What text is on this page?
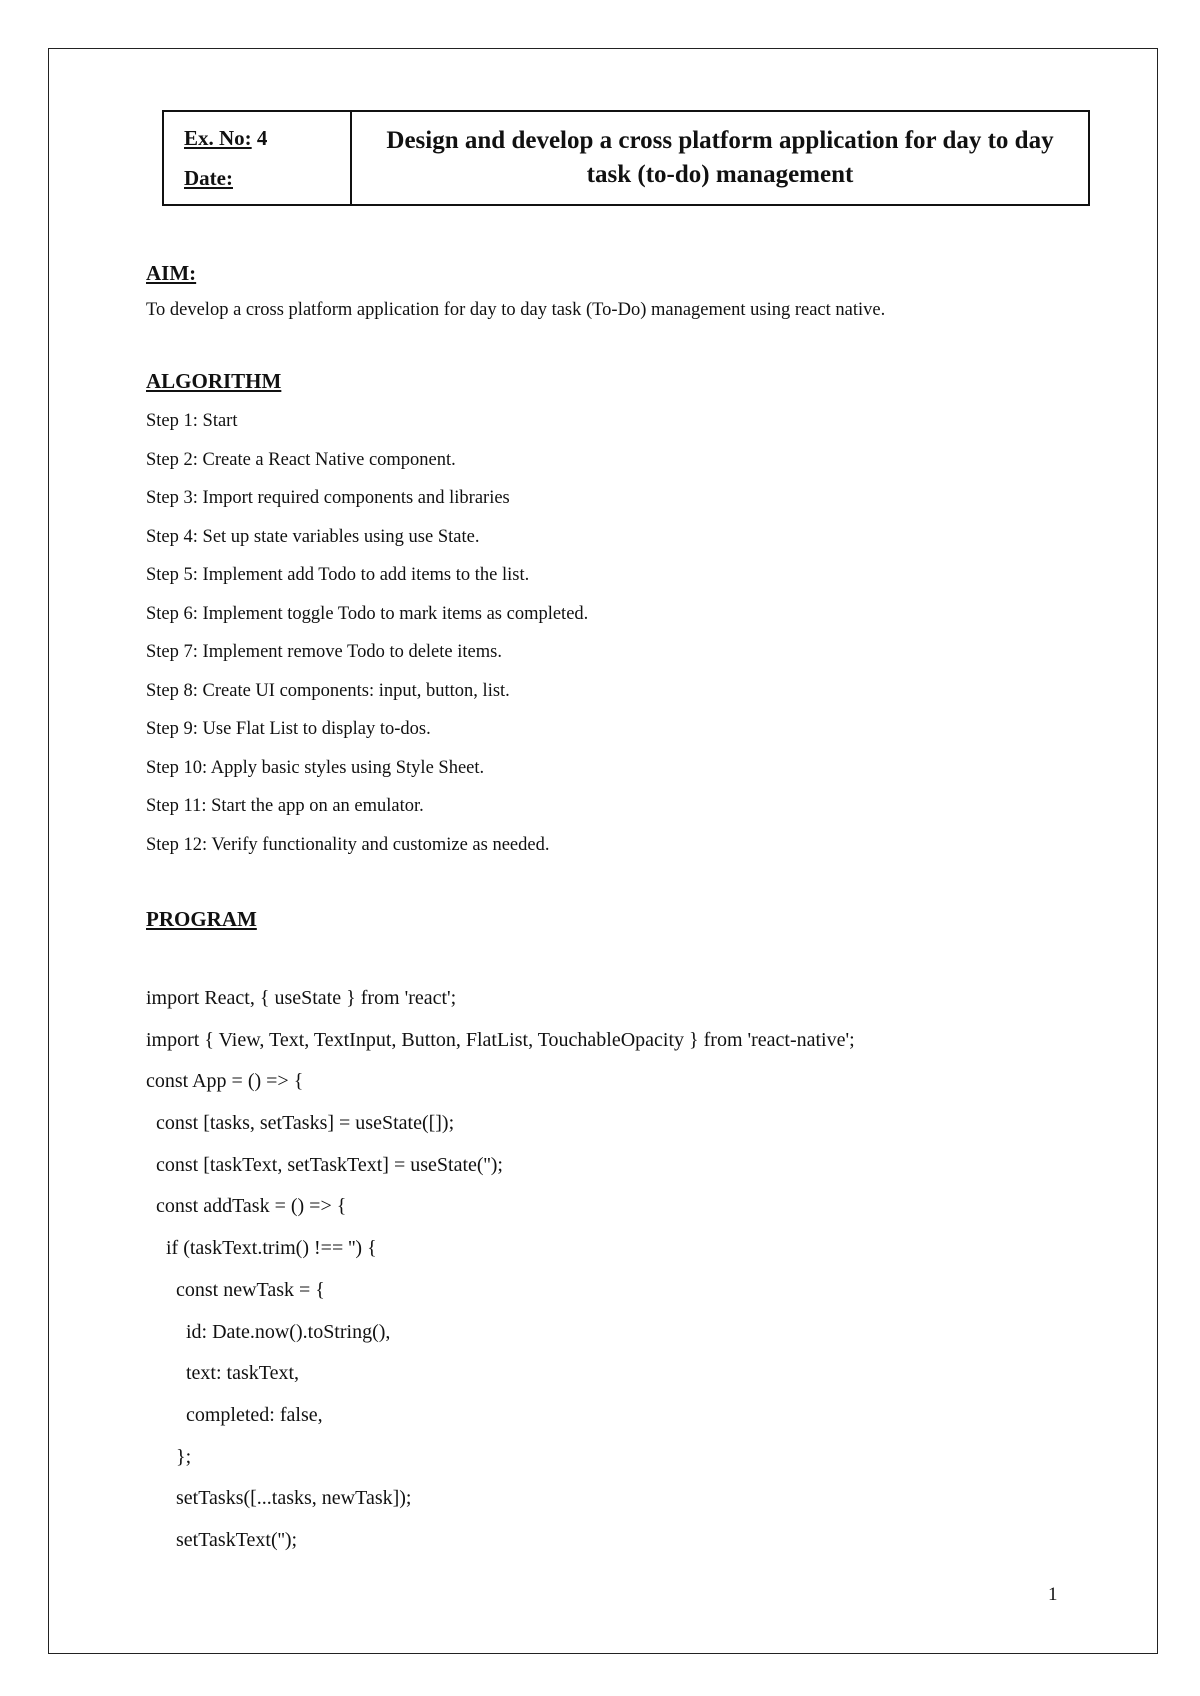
Ex. No: 4
Date:
Design and develop a cross platform application for day to day task (to-do) management
AIM:
To develop a cross platform application for day to day task (To-Do) management using react native.
ALGORITHM
Step 1: Start
Step 2: Create a React Native component.
Step 3: Import required components and libraries
Step 4: Set up state variables using use State.
Step 5: Implement add Todo to add items to the list.
Step 6: Implement toggle Todo to mark items as completed.
Step 7: Implement remove Todo to delete items.
Step 8: Create UI components: input, button, list.
Step 9: Use Flat List to display to-dos.
Step 10: Apply basic styles using Style Sheet.
Step 11: Start the app on an emulator.
Step 12: Verify functionality and customize as needed.
PROGRAM
import React, { useState } from 'react';
import { View, Text, TextInput, Button, FlatList, TouchableOpacity } from 'react-native';
const App = () => {
const [tasks, setTasks] = useState([]);
const [taskText, setTaskText] = useState('');
const addTask = () => {
if (taskText.trim() !== '') {
const newTask = {
id: Date.now().toString(),
text: taskText,
completed: false,
};
setTasks([...tasks, newTask]);
setTaskText('');
1
